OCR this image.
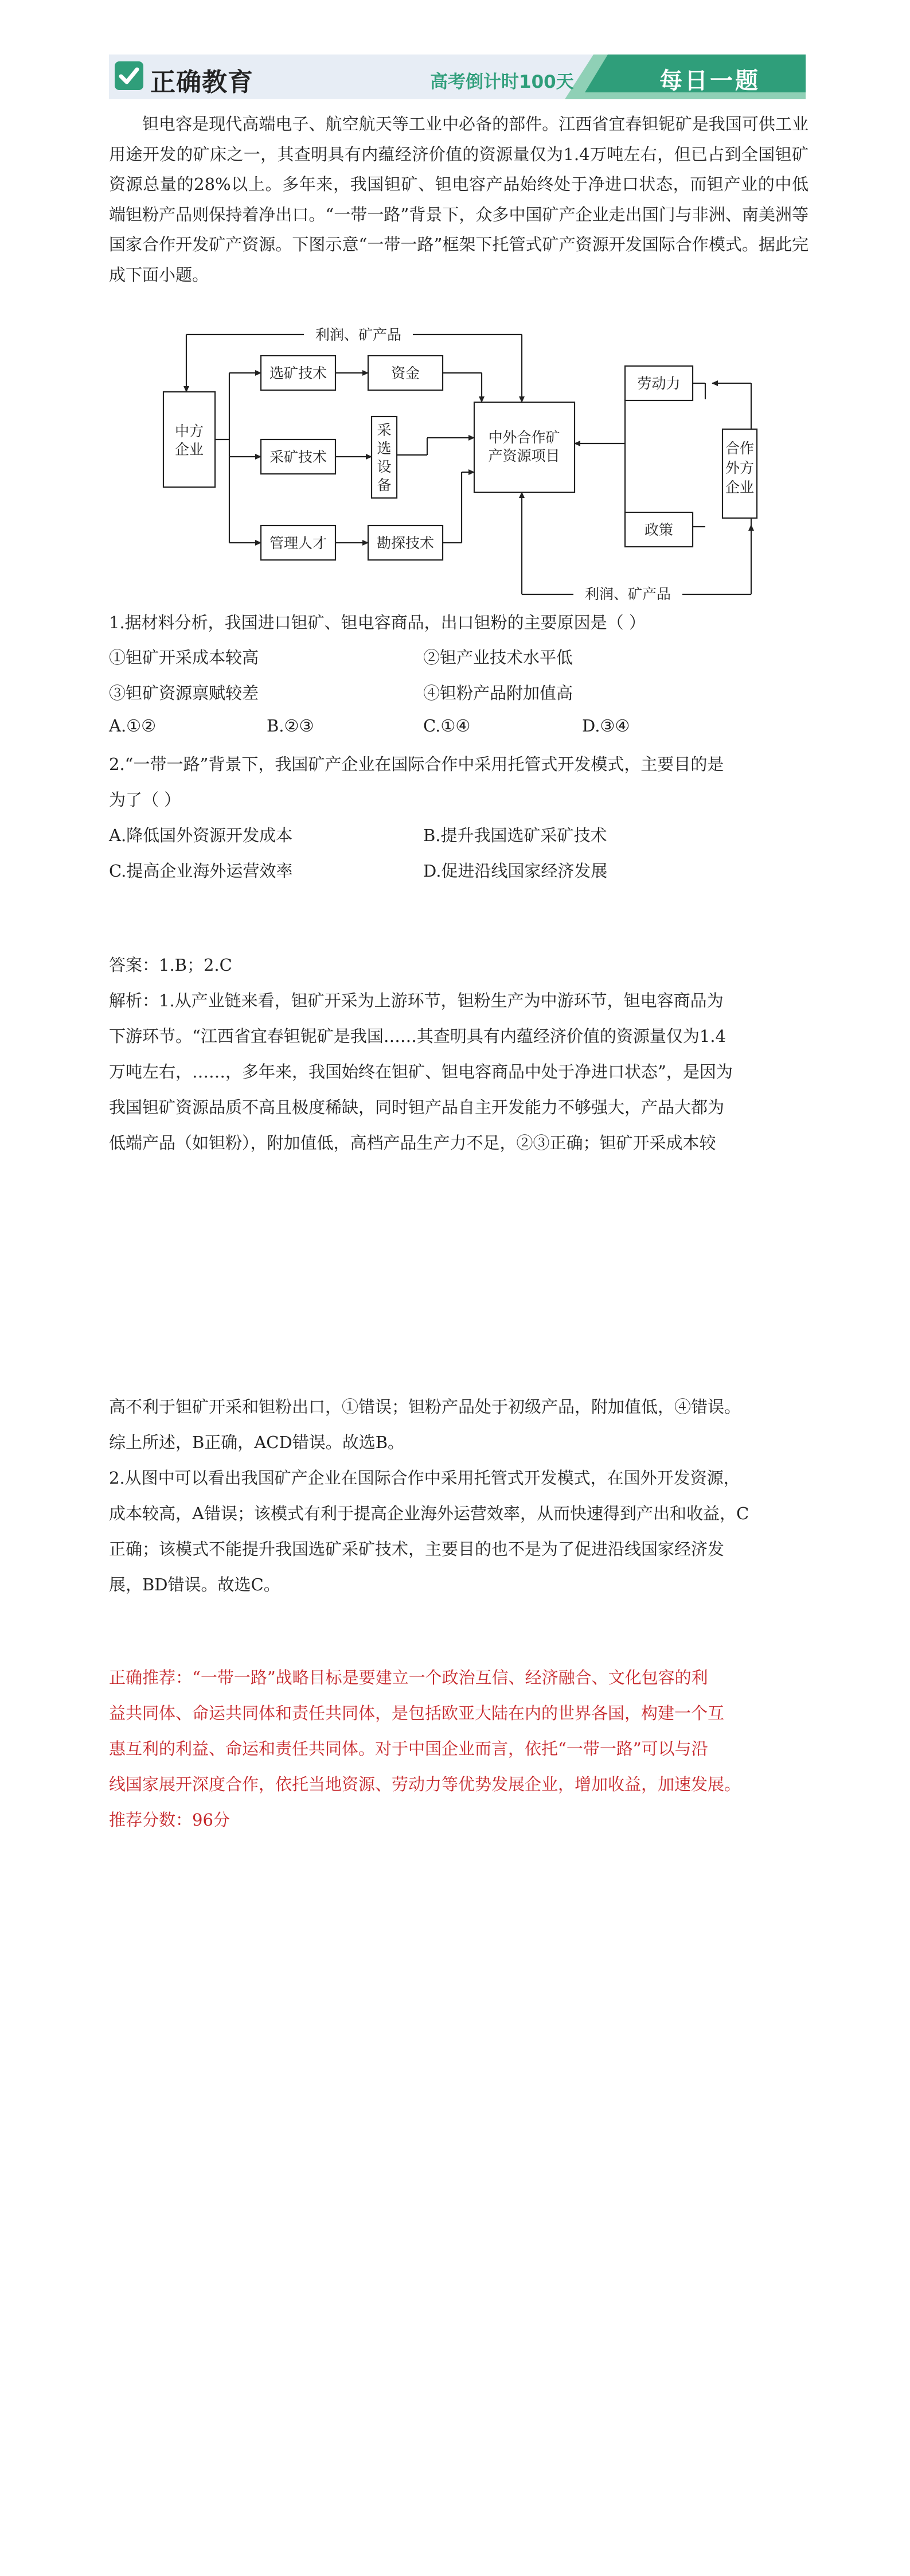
正确教育	高考倒计时100天	每日一题
钽电容是现代高端电子、航空航天等工业中必备的部件。江西省宜春钽铌矿是我国可供工业用途开发的矿床之一，其查明具有内蕴经济价值的资源量仅为1.4万吨左右，但已占到全国钽矿资源总量的28%以上。多年来，我国钽矿、钽电容产品始终处于净进口状态，而钽产业的中低端钽粉产品则保持着净出口。“一带一路”背景下，众多中国矿产企业走出国门与非洲、南美洲等国家合作开发矿产资源。下图示意“一带一路”框架下托管式矿产资源开发国际合作模式。据此完成下面小题。
利润、矿产品
利润、矿产品
中方
企业
选矿技术	资金
采矿技术
采
选
设
备
管理人才	勘探技术
中外合作矿
产资源项目
劳动力
政策
合作
外方
企业
1.据材料分析，我国进口钽矿、钽电容商品，出口钽粉的主要原因是（ ）
①钽矿开采成本较高	②钽产业技术水平低
③钽矿资源禀赋较差	④钽粉产品附加值高
A.①②	B.②③	C.①④	D.③④
2.“一带一路”背景下，我国矿产企业在国际合作中采用托管式开发模式，主要目的是
为了（ ）
A.降低国外资源开发成本	B.提升我国选矿采矿技术
C.提高企业海外运营效率	D.促进沿线国家经济发展
答案：1.B；2.C
解析：1.从产业链来看，钽矿开采为上游环节，钽粉生产为中游环节，钽电容商品为
下游环节。“江西省宜春钽铌矿是我国……其查明具有内蕴经济价值的资源量仅为1.4
万吨左右，……，多年来，我国始终在钽矿、钽电容商品中处于净进口状态”，是因为
我国钽矿资源品质不高且极度稀缺，同时钽产品自主开发能力不够强大，产品大都为
低端产品（如钽粉），附加值低，高档产品生产力不足，②③正确；钽矿开采成本较
高不利于钽矿开采和钽粉出口，①错误；钽粉产品处于初级产品，附加值低，④错误。
综上所述，B正确，ACD错误。故选B。
2.从图中可以看出我国矿产企业在国际合作中采用托管式开发模式，在国外开发资源，
成本较高，A错误；该模式有利于提高企业海外运营效率，从而快速得到产出和收益，C
正确；该模式不能提升我国选矿采矿技术，主要目的也不是为了促进沿线国家经济发
展，BD错误。故选C。
正确推荐：“一带一路”战略目标是要建立一个政治互信、经济融合、文化包容的利
益共同体、命运共同体和责任共同体，是包括欧亚大陆在内的世界各国，构建一个互
惠互利的利益、命运和责任共同体。对于中国企业而言，依托“一带一路”可以与沿
线国家展开深度合作，依托当地资源、劳动力等优势发展企业，增加收益，加速发展。
推荐分数：96分
